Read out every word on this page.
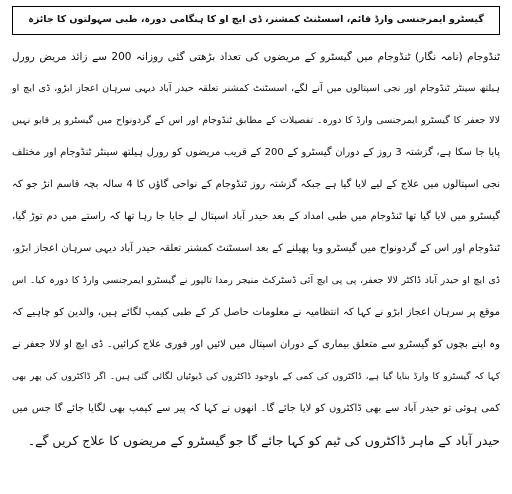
گیسٹرو ایمرجنسی وارڈ قائم، اسسٹنٹ کمشنر، ڈی ایچ او کا ہنگامی دورہ، طبی سہولتوں کا جائزہ
ٹنڈوجام (نامہ نگار) ٹنڈوجام میں گیسٹرو کے مریضوں کی تعداد بڑھتی گئی روزانہ 200 سے زائد مریض رورل
ہیلتھ سینٹر ٹنڈوجام اور نجی اسپتالوں میں آنے لگے، اسسٹنٹ کمشنر تعلقہ حیدر آباد دیہی سرہان اعجاز ابڑو، ڈی ایچ او
لالا جعفر کا گیسٹرو ایمرجنسی وارڈ کا دورہ۔ تفصیلات کے مطابق ٹنڈوجام اور اس کے گردونواح میں گیسٹرو پر قابو نہیں
پایا جا سکا ہے، گزشتہ 3 روز کے دوران گیسٹرو کے 200 کے قریب مریضوں کو رورل ہیلتھ سینٹر ٹنڈوجام اور مختلف
نجی اسپتالوں میں علاج کے لیے لایا گیا ہے جبکہ گزشتہ روز ٹنڈوجام کے نواحی گاؤں کا 4 سالہ بچہ قاسم انڑ جو کہ
گیسٹرو میں لایا گیا تھا ٹنڈوجام میں طبی امداد کے بعد حیدر آباد اسپتال لے جایا جا رہا تھا کہ راستے میں دم توڑ گیا،
ٹنڈوجام اور اس کے گردونواح میں گیسٹرو وبا پھیلنے کے بعد اسسٹنٹ کمشنر تعلقہ حیدر آباد دیہی سرہان اعجاز ابڑو،
ڈی ایچ او حیدر آباد ڈاکٹر لالا جعفر، پی پی ایچ آئی ڈسٹرکٹ منیجر رمدا تالپور نے گیسٹرو ایمرجنسی وارڈ کا دورہ کیا۔ اس
موقع پر سرہان اعجاز ابڑو نے کہا کہ انتظامیہ نے معلومات حاصل کر کے طبی کیمپ لگائے ہیں، والدین کو چاہیے کہ
وہ اپنے بچوں کو گیسٹرو سے متعلق بیماری کے دوران اسپتال میں لائیں اور فوری علاج کرائیں۔ ڈی ایچ او لالا جعفر نے
کہا کہ گیسٹرو کا وارڈ بنایا گیا ہے، ڈاکٹروں کی کمی کے باوجود ڈاکٹروں کی ڈیوٹیاں لگائی گئی ہیں۔ اگر ڈاکٹروں کی پھر بھی
کمی ہوئی تو حیدر آباد سے بھی ڈاکٹروں کو لایا جائے گا۔ انھوں نے کہا کہ پیر سے کیمپ بھی لگایا جائے گا جس میں
حیدر آباد کے ماہر ڈاکٹروں کی ٹیم کو کہا جائے گا جو گیسٹرو کے مریضوں کا علاج کریں گے۔
